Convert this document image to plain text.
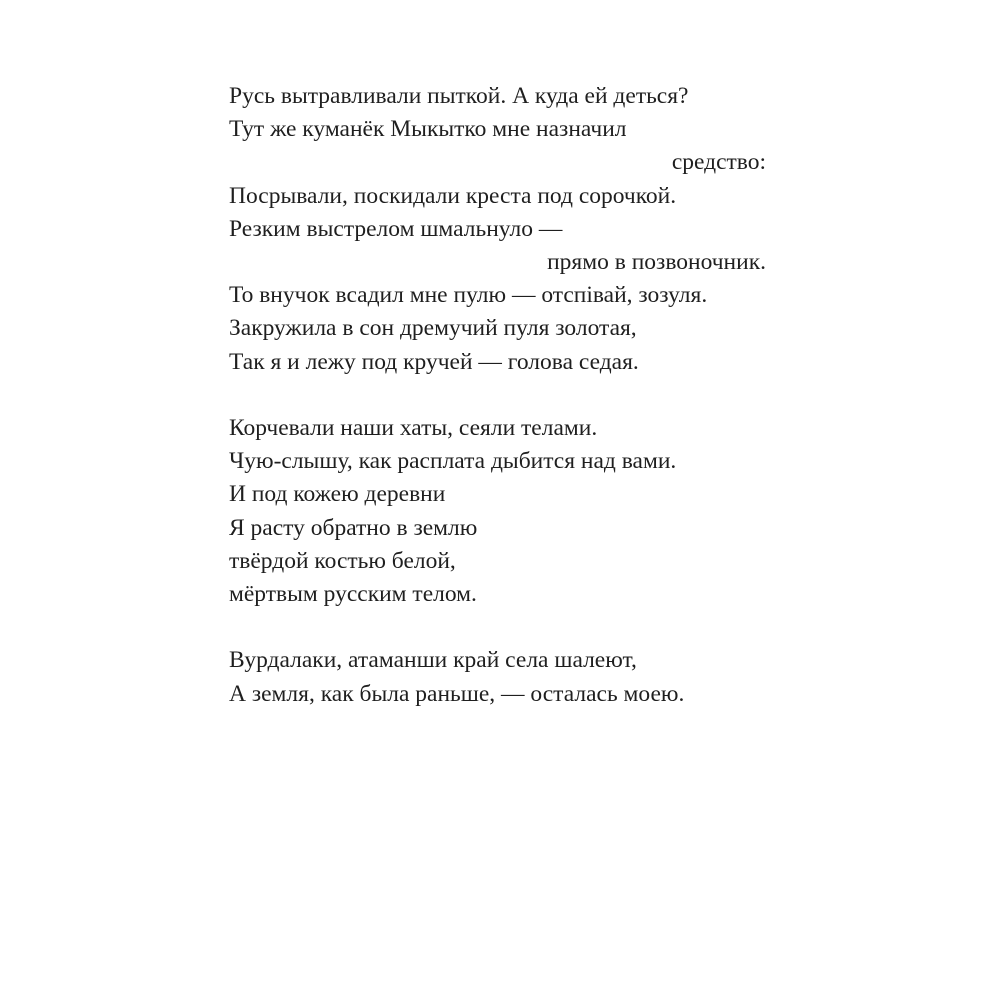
Русь вытравливали пыткой. А куда ей деться?
Тут же куманёк Мыкытко мне назначил
средство:
Посрывали, поскидали креста под сорочкой.
Резким выстрелом шмальнуло —
прямо в позвоночник.
То внучок всадил мне пулю — отспiвай, зозуля.
Закружила в сон дремучий пуля золотая,
Так я и лежу под кручей — голова седая.

Корчевали наши хаты, сеяли телами.
Чую-слышу, как расплата дыбится над вами.
И под кожею деревни
Я расту обратно в землю
твёрдой костью белой,
мёртвым русским телом.

Вурдалаки, атаманши край села шалеют,
А земля, как была раньше, — осталась моею.
